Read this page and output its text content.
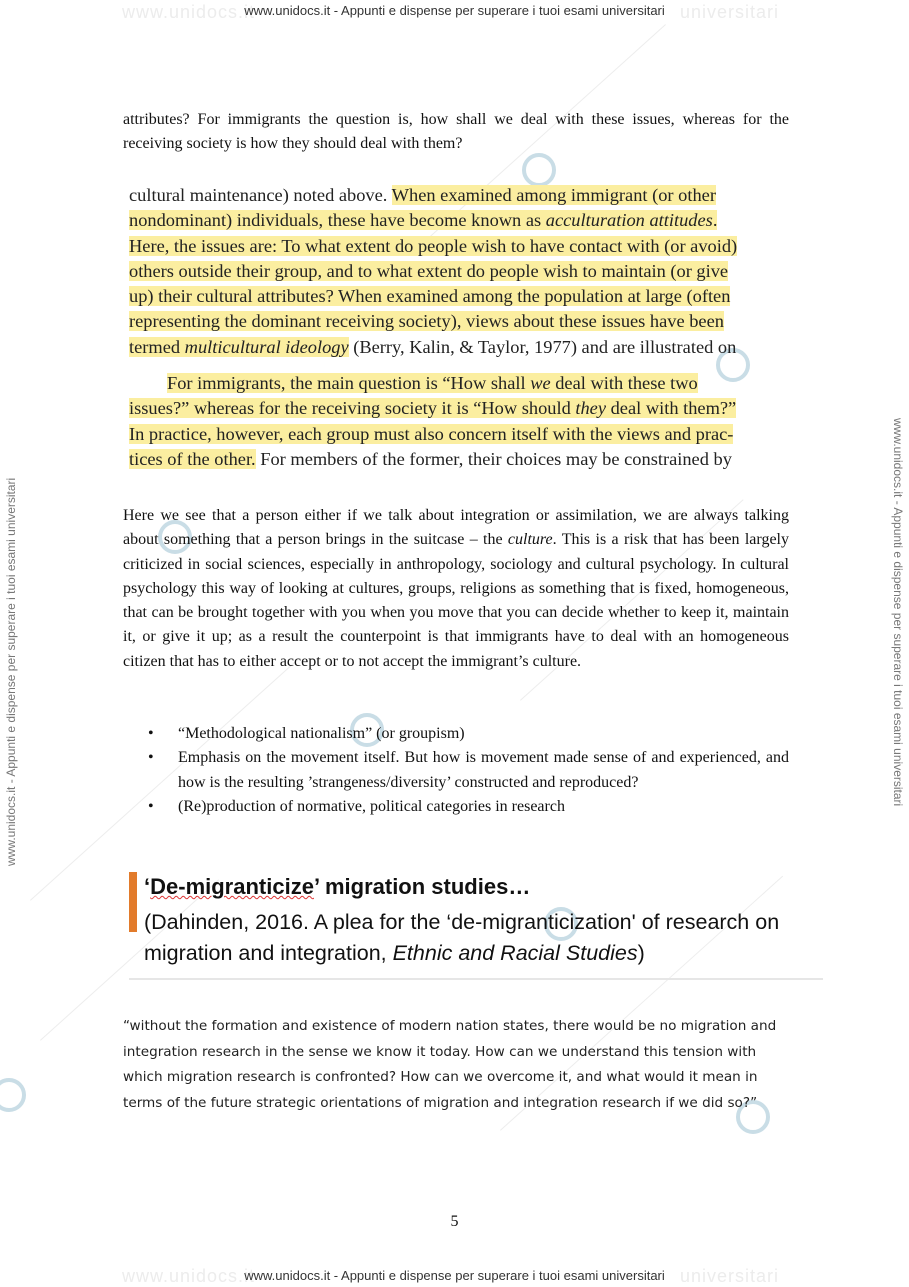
www.unidocs.it	universitari
www.unidocs.it	universitari
www.unidocs.it - Appunti e dispense per superare i tuoi esami universitari
www.unidocs.it - Appunti e dispense per superare i tuoi esami universitari
www.unidocs.it - Appunti e dispense per superare i tuoi esami universitari	www.unidocs.it - Appunti e dispense per superare i tuoi esami universitari
attributes? For immigrants the question is, how shall we deal with these issues, whereas for the receiving society is how they should deal with them?
cultural maintenance) noted above. When examined among immigrant (or other
nondominant) individuals, these have become known as acculturation attitudes.
Here, the issues are: To what extent do people wish to have contact with (or avoid)
others outside their group, and to what extent do people wish to maintain (or give
up) their cultural attributes? When examined among the population at large (often
representing the dominant receiving society), views about these issues have been
termed multicultural ideology (Berry, Kalin, & Taylor, 1977) and are illustrated on
For immigrants, the main question is “How shall we deal with these two
issues?” whereas for the receiving society it is “How should they deal with them?”
In practice, however, each group must also concern itself with the views and prac-
tices of the other. For members of the former, their choices may be constrained by
Here we see that a person either if we talk about integration or assimilation, we are always talking about something that a person brings in the suitcase – the culture. This is a risk that has been largely criticized in social sciences, especially in anthropology, sociology and cultural psychology. In cultural psychology this way of looking at cultures, groups, religions as something that is fixed, homogeneous, that can be brought together with you when you move that you can decide whether to keep it, maintain it, or give it up; as a result the counterpoint is that immigrants have to deal with an homogeneous citizen that has to either accept or to not accept the immigrant’s culture.
•	“Methodological nationalism” (or groupism)
•	Emphasis on the movement itself. But how is movement made sense of and experienced, and how is the resulting ’strangeness/diversity’ constructed and reproduced?
•	(Re)production of normative, political categories in research
‘De-migranticize’ migration studies…
(Dahinden, 2016. A plea for the ‘de-migranticization' of research on migration and integration, Ethnic and Racial Studies)
“without the formation and existence of modern nation states, there would be no migration and integration research in the sense we know it today. How can we understand this tension with which migration research is confronted? How can we overcome it, and what would it mean in terms of the future strategic orientations of migration and integration research if we did so?”
5
